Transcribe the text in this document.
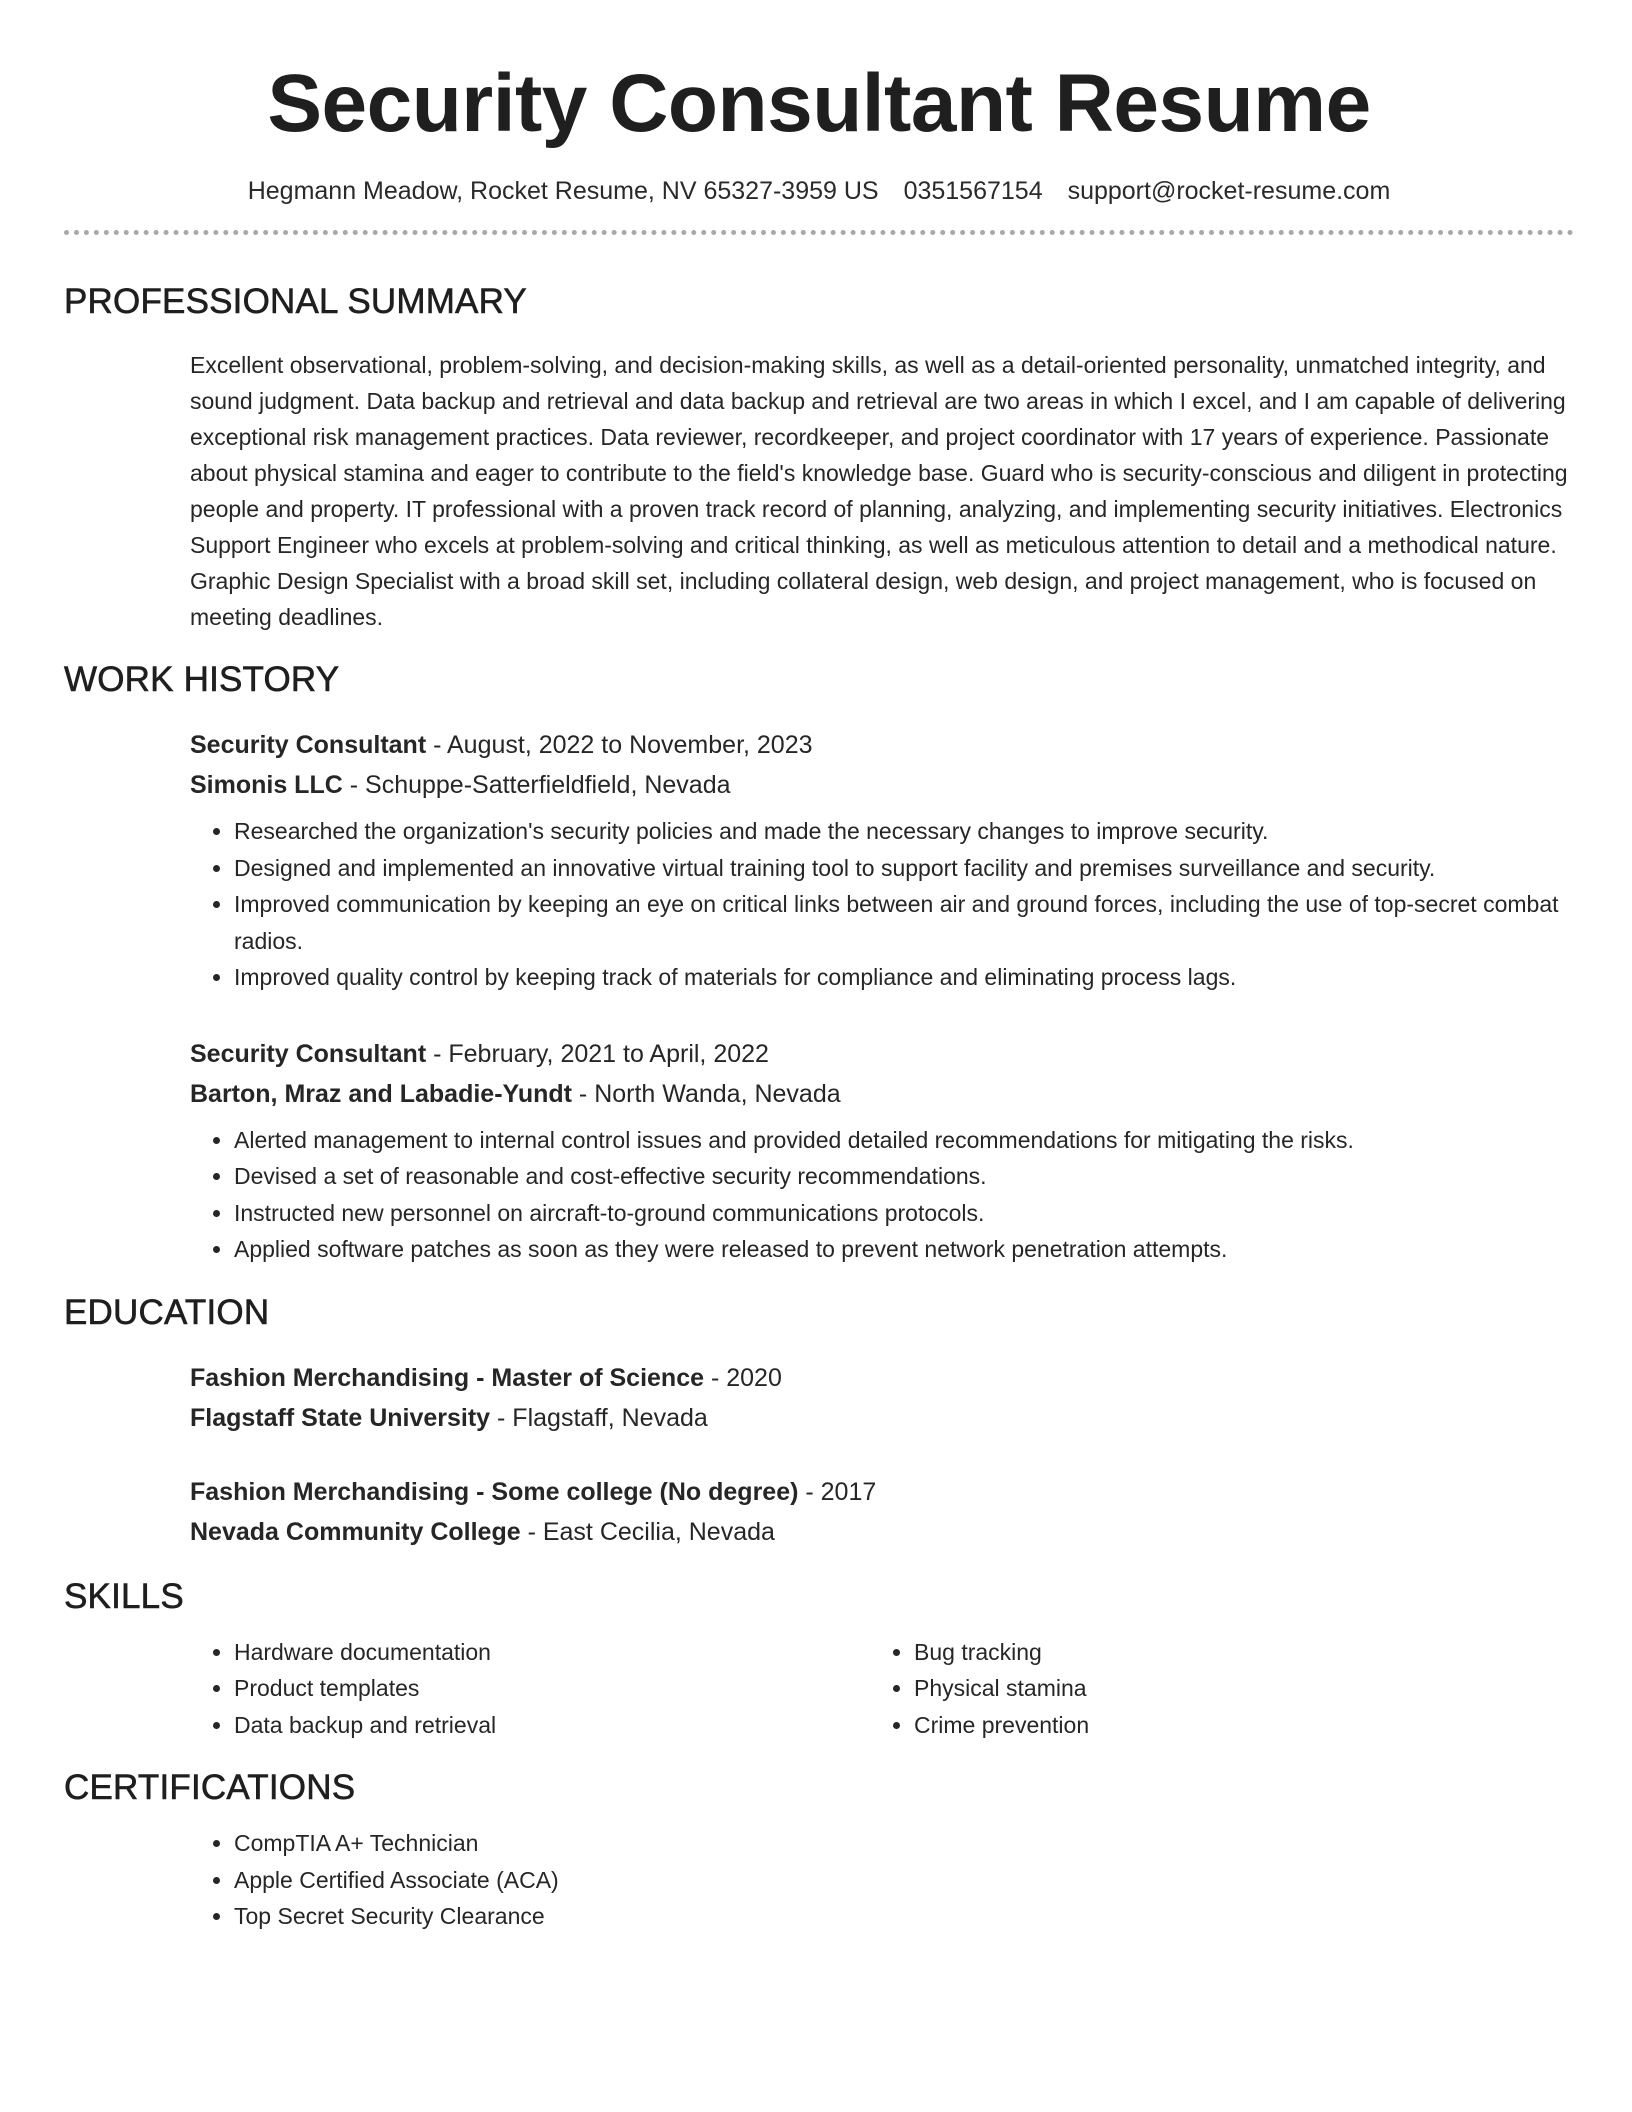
Security Consultant Resume
Hegmann Meadow, Rocket Resume, NV 65327-3959 US 0351567154 support@rocket-resume.com
PROFESSIONAL SUMMARY
Excellent observational, problem-solving, and decision-making skills, as well as a detail-oriented personality, unmatched integrity, and sound judgment. Data backup and retrieval and data backup and retrieval are two areas in which I excel, and I am capable of delivering exceptional risk management practices. Data reviewer, recordkeeper, and project coordinator with 17 years of experience. Passionate about physical stamina and eager to contribute to the field's knowledge base. Guard who is security-conscious and diligent in protecting people and property. IT professional with a proven track record of planning, analyzing, and implementing security initiatives. Electronics Support Engineer who excels at problem-solving and critical thinking, as well as meticulous attention to detail and a methodical nature. Graphic Design Specialist with a broad skill set, including collateral design, web design, and project management, who is focused on meeting deadlines.
WORK HISTORY
Security Consultant - August, 2022 to November, 2023
Simonis LLC - Schuppe-Satterfieldfield, Nevada
• Researched the organization's security policies and made the necessary changes to improve security.
• Designed and implemented an innovative virtual training tool to support facility and premises surveillance and security.
• Improved communication by keeping an eye on critical links between air and ground forces, including the use of top-secret combat radios.
• Improved quality control by keeping track of materials for compliance and eliminating process lags.
Security Consultant - February, 2021 to April, 2022
Barton, Mraz and Labadie-Yundt - North Wanda, Nevada
• Alerted management to internal control issues and provided detailed recommendations for mitigating the risks.
• Devised a set of reasonable and cost-effective security recommendations.
• Instructed new personnel on aircraft-to-ground communications protocols.
• Applied software patches as soon as they were released to prevent network penetration attempts.
EDUCATION
Fashion Merchandising - Master of Science - 2020
Flagstaff State University - Flagstaff, Nevada
Fashion Merchandising - Some college (No degree) - 2017
Nevada Community College - East Cecilia, Nevada
SKILLS
• Hardware documentation
• Product templates
• Data backup and retrieval
• Bug tracking
• Physical stamina
• Crime prevention
CERTIFICATIONS
• CompTIA A+ Technician
• Apple Certified Associate (ACA)
• Top Secret Security Clearance
